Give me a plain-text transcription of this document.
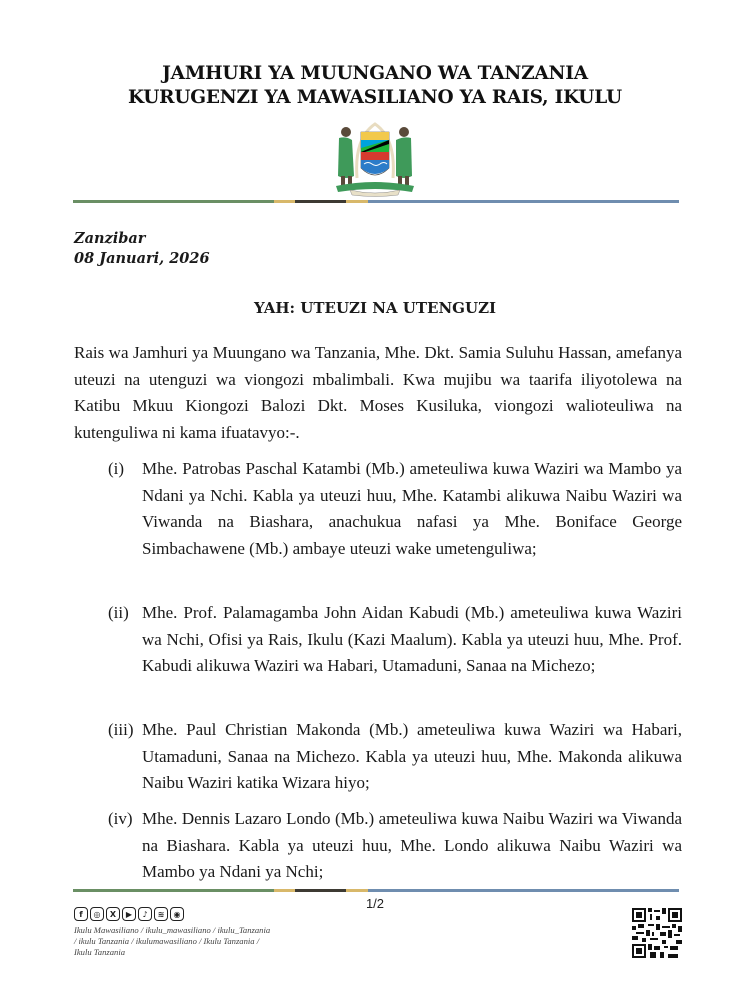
JAMHURI YA MUUNGANO WA TANZANIA
KURUGENZI YA MAWASILIANO YA RAIS, IKULU
Zanzibar
08 Januari, 2026
YAH: UTEUZI NA UTENGUZI
Rais wa Jamhuri ya Muungano wa Tanzania, Mhe. Dkt. Samia Suluhu Hassan, amefanya uteuzi na utenguzi wa viongozi mbalimbali. Kwa mujibu wa taarifa iliyotolewa na Katibu Mkuu Kiongozi Balozi Dkt. Moses Kusiluka, viongozi walioteuliwa na kutenguliwa ni kama ifuatavyo:-.
(i)	Mhe. Patrobas Paschal Katambi (Mb.) ameteuliwa kuwa Waziri wa Mambo ya Ndani ya Nchi. Kabla ya uteuzi huu, Mhe. Katambi alikuwa Naibu Waziri wa Viwanda na Biashara, anachukua nafasi ya Mhe. Boniface George Simbachawene (Mb.) ambaye uteuzi wake umetenguliwa;
(ii) Mhe. Prof. Palamagamba John Aidan Kabudi (Mb.) ameteuliwa kuwa Waziri wa Nchi, Ofisi ya Rais, Ikulu (Kazi Maalum). Kabla ya uteuzi huu, Mhe. Prof. Kabudi alikuwa Waziri wa Habari, Utamaduni, Sanaa na Michezo;
(iii) Mhe. Paul Christian Makonda (Mb.) ameteuliwa kuwa Waziri wa Habari, Utamaduni, Sanaa na Michezo. Kabla ya uteuzi huu, Mhe. Makonda alikuwa Naibu Waziri katika Wizara hiyo;
(iv) Mhe. Dennis Lazaro Londo (Mb.) ameteuliwa kuwa Naibu Waziri wa Viwanda na Biashara. Kabla ya uteuzi huu, Mhe. Londo alikuwa Naibu Waziri wa Mambo ya Ndani ya Nchi;
1/2
f	◎	X	▶	♪	≋	◉
Ikulu Mawasiliano / ikulu_mawasiliano / ikulu_Tanzania / ikulu Tanzania / ikulumawasiliano / Ikulu Tanzania / Ikulu Tanzania
